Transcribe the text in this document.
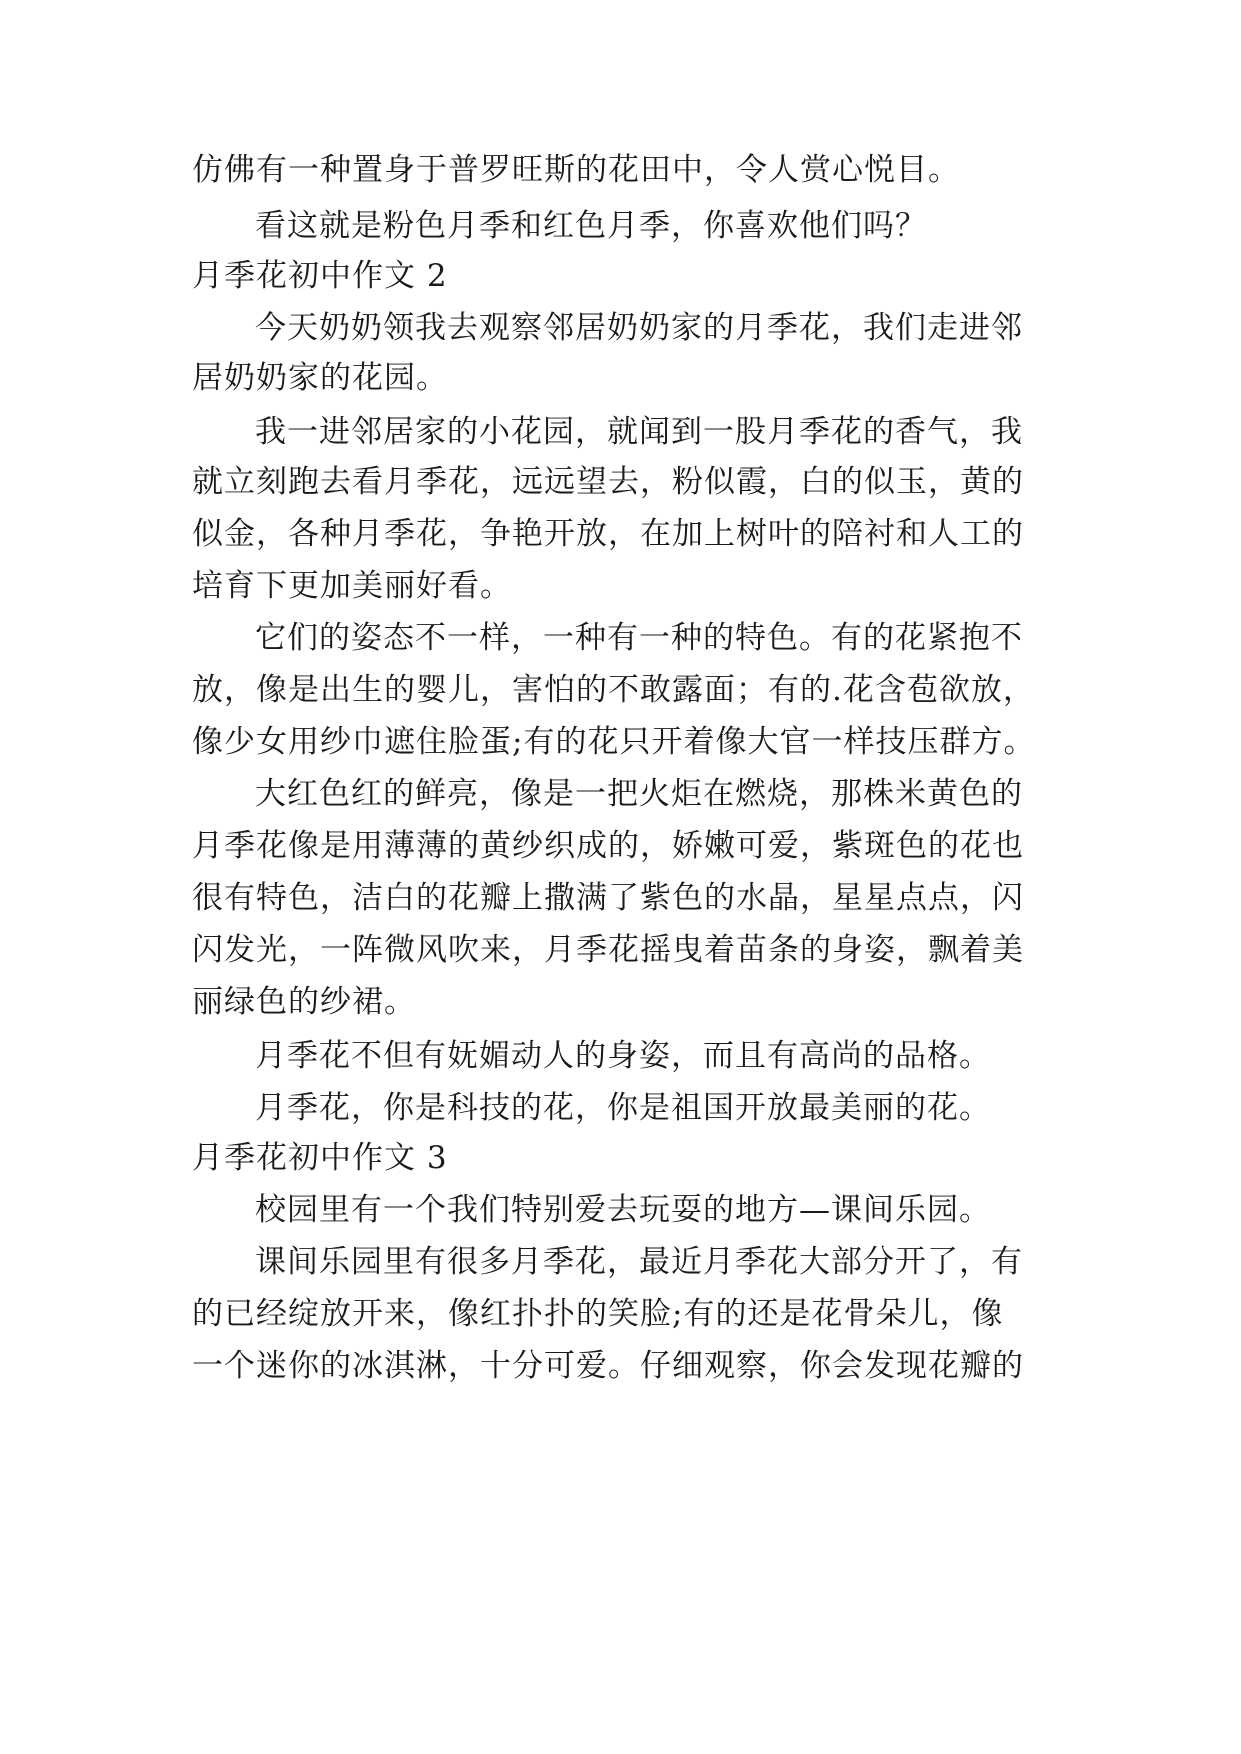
仿佛有一种置身于普罗旺斯的花田中，令人赏心悦目。
看这就是粉色月季和红色月季，你喜欢他们吗？
月季花初中作文 2
今天奶奶领我去观察邻居奶奶家的月季花，我们走进邻
居奶奶家的花园。
我一进邻居家的小花园，就闻到一股月季花的香气，我
就立刻跑去看月季花，远远望去，粉似霞，白的似玉，黄的
似金，各种月季花，争艳开放，在加上树叶的陪衬和人工的
培育下更加美丽好看。
它们的姿态不一样，一种有一种的特色。有的花紧抱不
放，像是出生的婴儿，害怕的不敢露面；有的.花含苞欲放，
像少女用纱巾遮住脸蛋;有的花只开着像大官一样技压群方。
大红色红的鲜亮，像是一把火炬在燃烧，那株米黄色的
月季花像是用薄薄的黄纱织成的，娇嫩可爱，紫斑色的花也
很有特色，洁白的花瓣上撒满了紫色的水晶，星星点点，闪
闪发光，一阵微风吹来，月季花摇曳着苗条的身姿，飘着美
丽绿色的纱裙。
月季花不但有妩媚动人的身姿，而且有高尚的品格。
月季花，你是科技的花，你是祖国开放最美丽的花。
月季花初中作文 3
校园里有一个我们特别爱去玩耍的地方—课间乐园。
课间乐园里有很多月季花，最近月季花大部分开了，有
的已经绽放开来，像红扑扑的笑脸;有的还是花骨朵儿，像
一个迷你的冰淇淋，十分可爱。仔细观察，你会发现花瓣的
